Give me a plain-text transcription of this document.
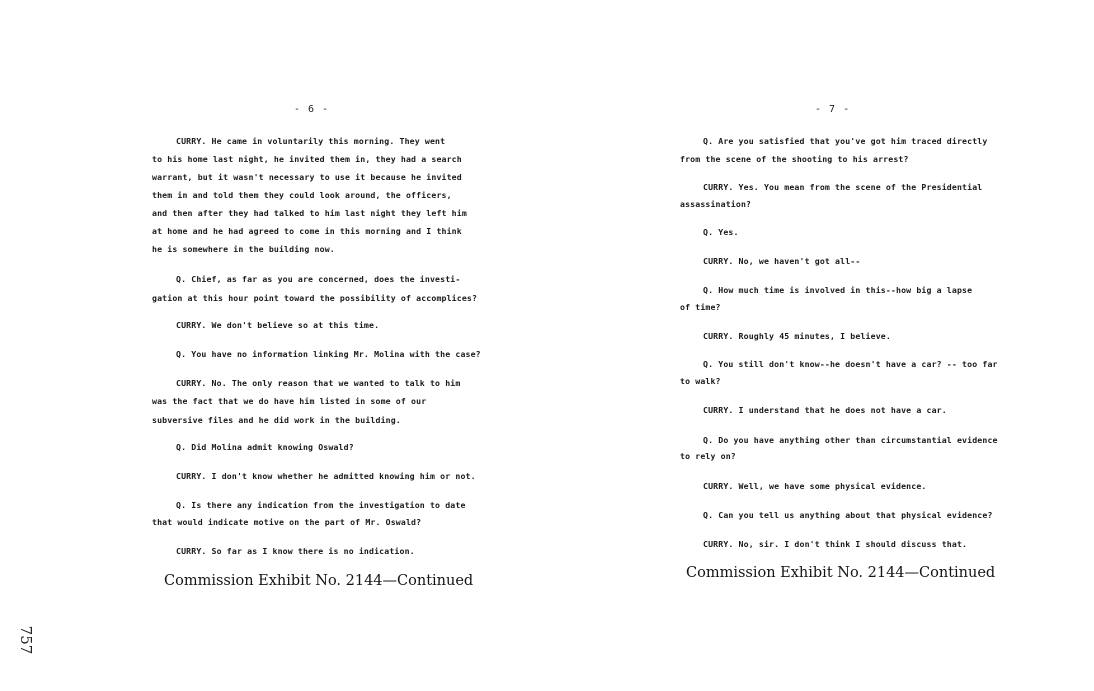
- 6 -
CURRY. He came in voluntarily this morning. They went
to his home last night, he invited them in, they had a search
warrant, but it wasn't necessary to use it because he invited
them in and told them they could look around, the officers,
and then after they had talked to him last night they left him
at home and he had agreed to come in this morning and I think
he is somewhere in the building now.
Q. Chief, as far as you are concerned, does the investi-
gation at this hour point toward the possibility of accomplices?
CURRY. We don't believe so at this time.
Q. You have no information linking Mr. Molina with the case?
CURRY. No. The only reason that we wanted to talk to him
was the fact that we do have him listed in some of our
subversive files and he did work in the building.
Q. Did Molina admit knowing Oswald?
CURRY. I don't know whether he admitted knowing him or not.
Q. Is there any indication from the investigation to date
that would indicate motive on the part of Mr. Oswald?
CURRY. So far as I know there is no indication.
Commission Exhibit No. 2144—Continued
757
- 7 -
Q. Are you satisfied that you've got him traced directly
from the scene of the shooting to his arrest?
CURRY. Yes. You mean from the scene of the Presidential
assassination?
Q. Yes.
CURRY. No, we haven't got all--
Q. How much time is involved in this--how big a lapse
of time?
CURRY. Roughly 45 minutes, I believe.
Q. You still don't know--he doesn't have a car? -- too far
to walk?
CURRY. I understand that he does not have a car.
Q. Do you have anything other than circumstantial evidence
to rely on?
CURRY. Well, we have some physical evidence.
Q. Can you tell us anything about that physical evidence?
CURRY. No, sir. I don't think I should discuss that.
Commission Exhibit No. 2144—Continued
